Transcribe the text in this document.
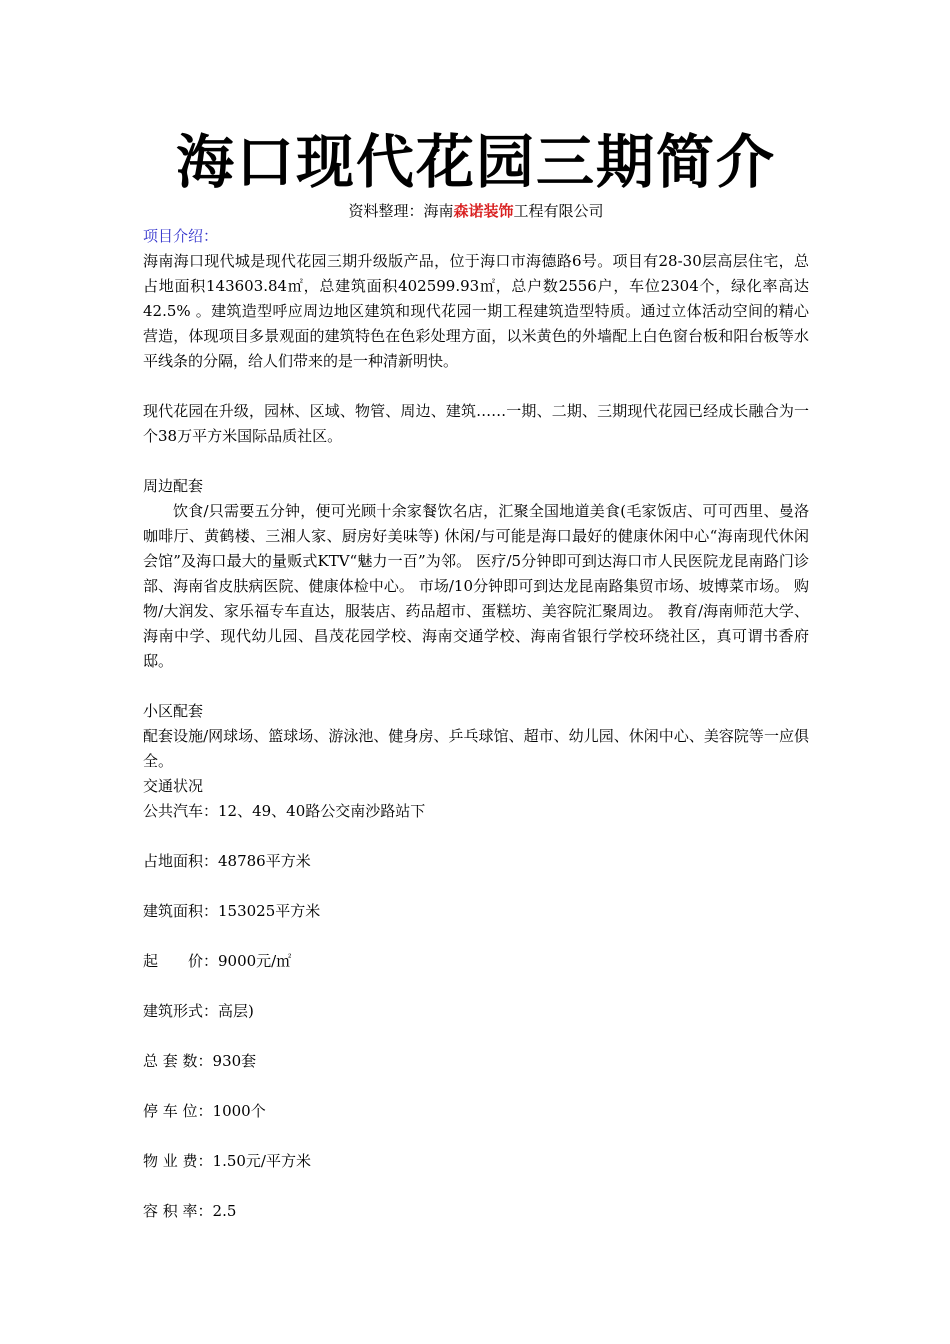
海口现代花园三期简介
资料整理：海南森诺装饰工程有限公司

项目介绍：

海南海口现代城是现代花园三期升级版产品，位于海口市海德路6号。项目有28-30层高层住宅，总占地面积143603.84㎡，总建筑面积402599.93㎡，总户数2556户，车位2304个，绿化率高达42.5% 。建筑造型呼应周边地区建筑和现代花园一期工程建筑造型特质。通过立体活动空间的精心营造，体现项目多景观面的建筑特色在色彩处理方面，以米黄色的外墙配上白色窗台板和阳台板等水平线条的分隔，给人们带来的是一种清新明快。

现代花园在升级，园林、区域、物管、周边、建筑……一期、二期、三期现代花园已经成长融合为一个38万平方米国际品质社区。

周边配套

饮食/只需要五分钟，便可光顾十余家餐饮名店，汇聚全国地道美食(毛家饭店、可可西里、曼洛咖啡厅、黄鹤楼、三湘人家、厨房好美味等) 休闲/与可能是海口最好的健康休闲中心“海南现代休闲会馆”及海口最大的量贩式KTV“魅力一百”为邻。 医疗/5分钟即可到达海口市人民医院龙昆南路门诊部、海南省皮肤病医院、健康体检中心。 市场/10分钟即可到达龙昆南路集贸市场、坡博菜市场。 购物/大润发、家乐福专车直达，服装店、药品超市、蛋糕坊、美容院汇聚周边。 教育/海南师范大学、海南中学、现代幼儿园、昌茂花园学校、海南交通学校、海南省银行学校环绕社区，真可谓书香府邸。

小区配套

配套设施/网球场、篮球场、游泳池、健身房、乒乓球馆、超市、幼儿园、休闲中心、美容院等一应俱全。

交通状况

公共汽车：12、49、40路公交南沙路站下

占地面积：48786平方米

建筑面积：153025平方米

起　　价：9000元/㎡

建筑形式：高层)

总 套 数：930套

停 车 位：1000个

物 业 费：1.50元/平方米

容 积 率：2.5
